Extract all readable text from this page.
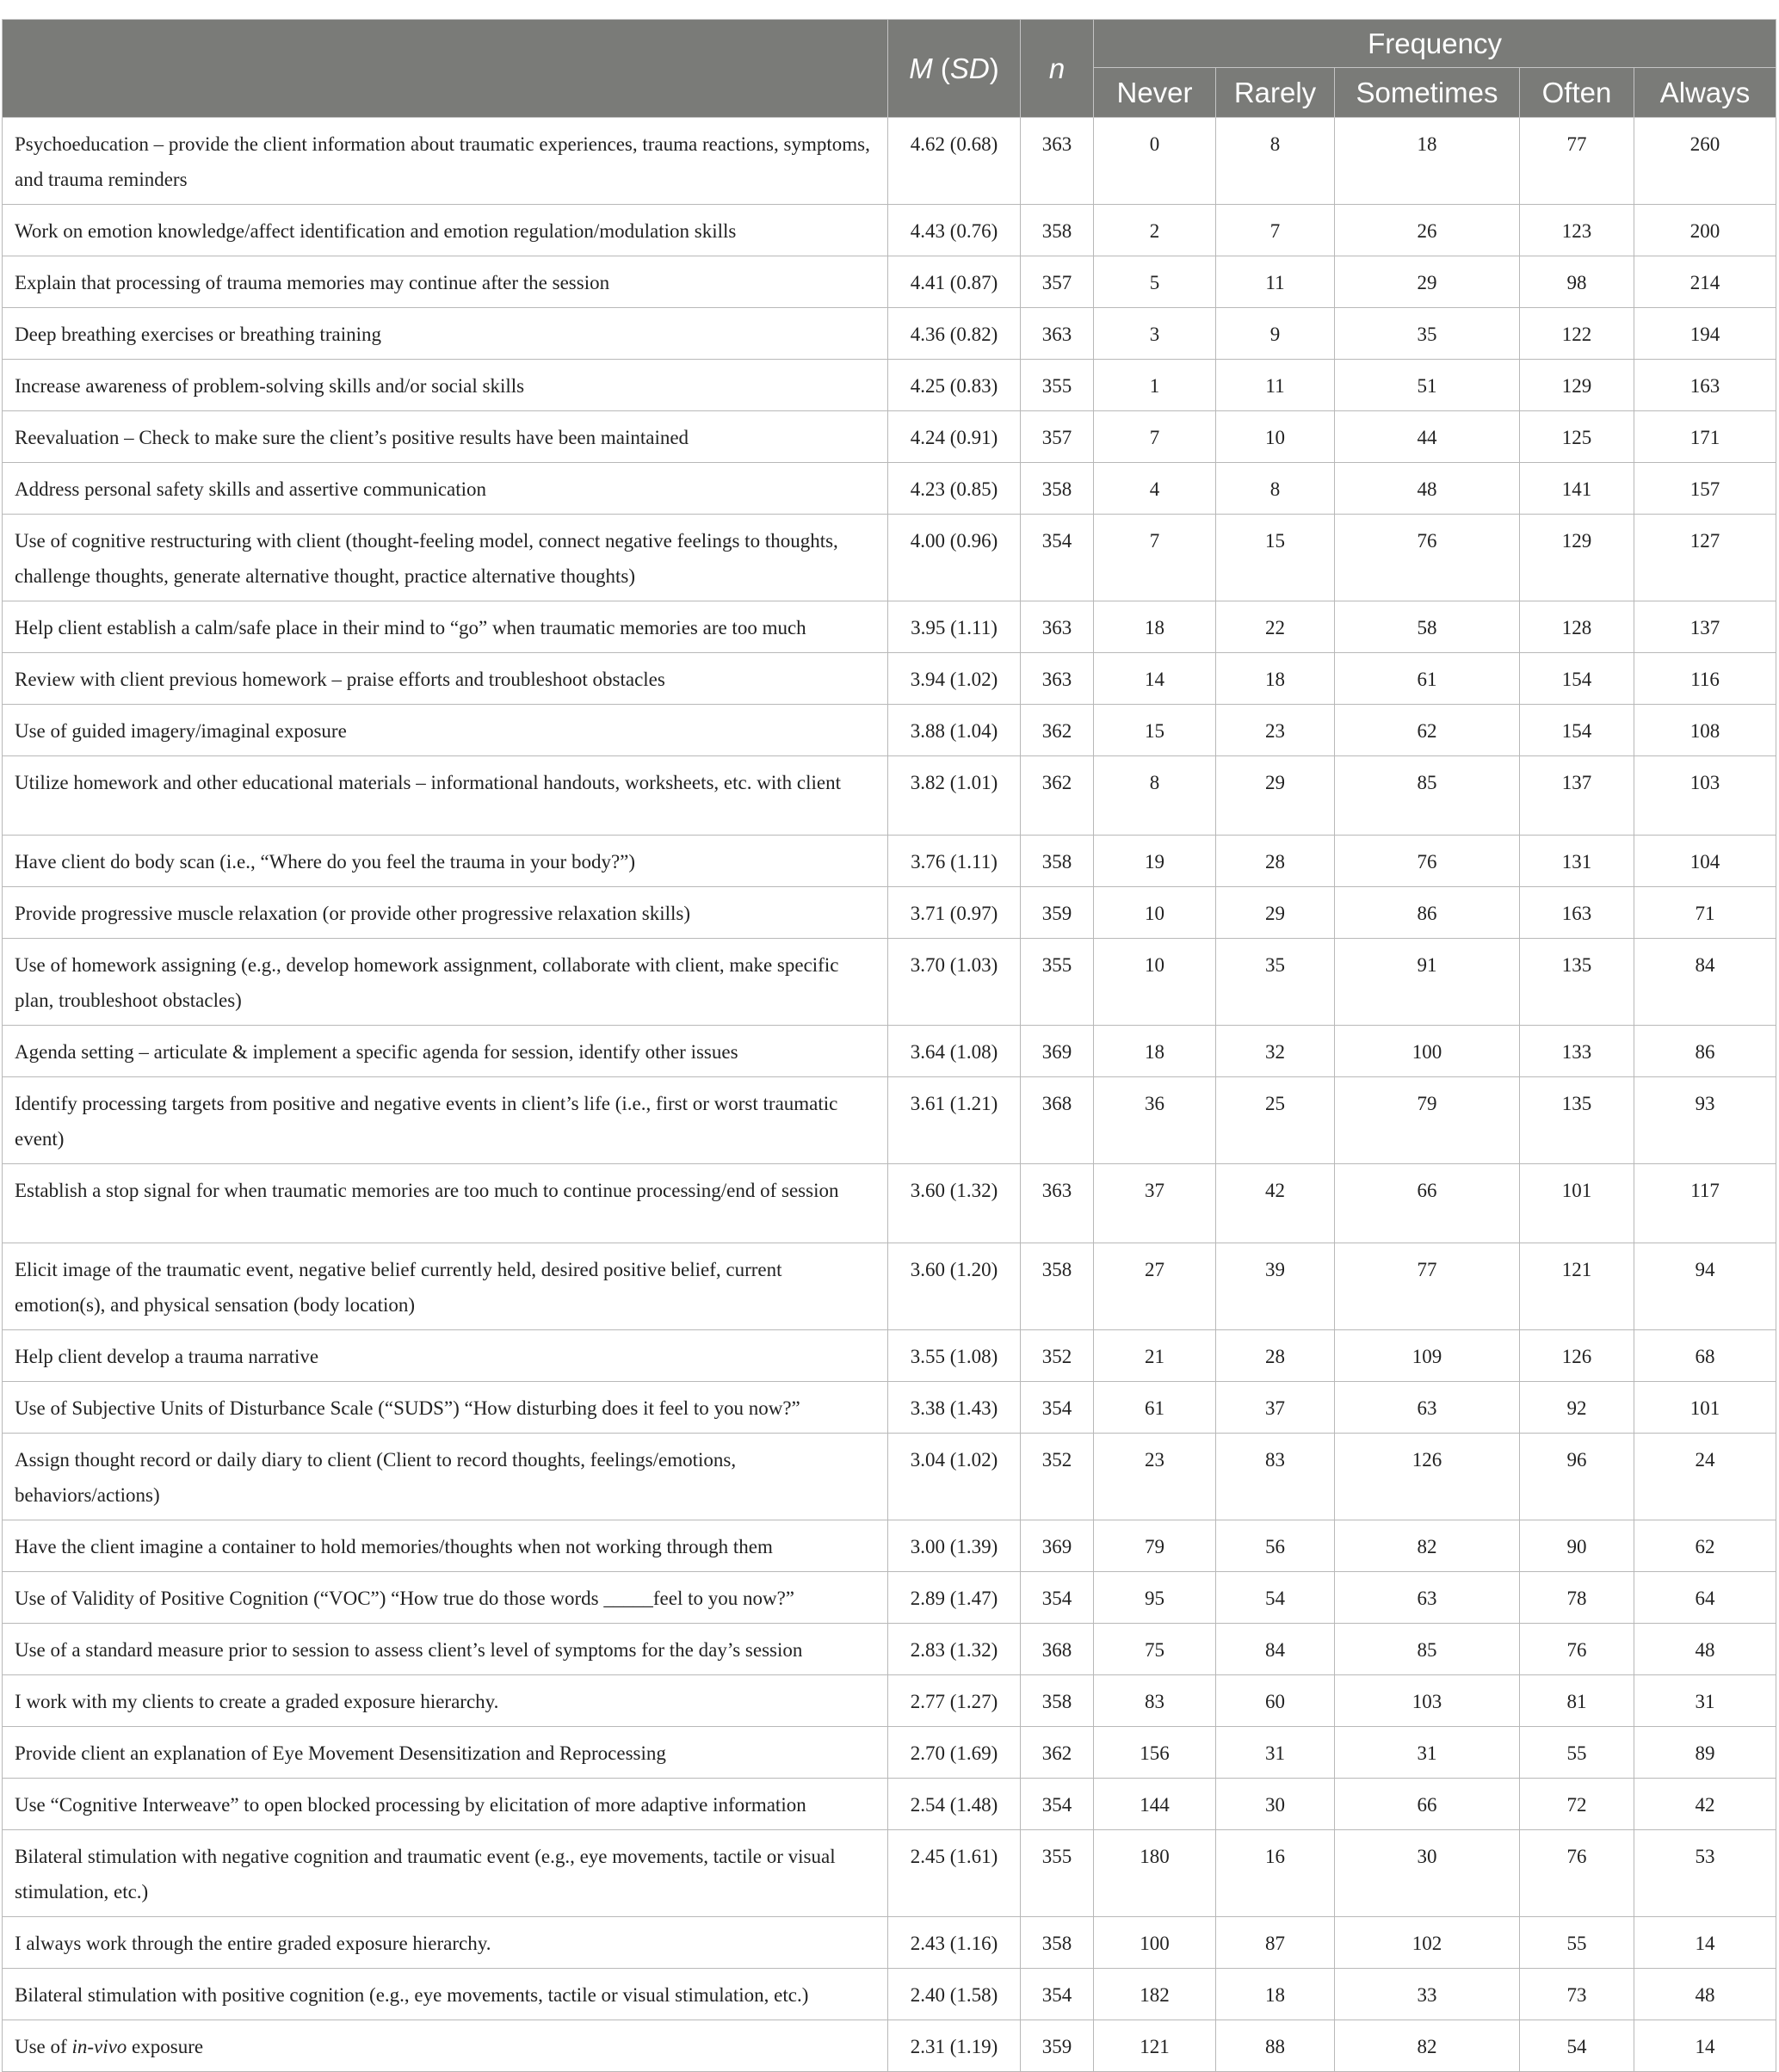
	M (SD)	n	Frequency				
			Never	Rarely	Sometimes	Often	Always
Psychoeducation – provide the client information about traumatic experiences, trauma reactions, symptoms, and trauma reminders	4.62 (0.68)	363	0	8	18	77	260
Work on emotion knowledge/affect identification and emotion regulation/modulation skills	4.43 (0.76)	358	2	7	26	123	200
Explain that processing of trauma memories may continue after the session	4.41 (0.87)	357	5	11	29	98	214
Deep breathing exercises or breathing training	4.36 (0.82)	363	3	9	35	122	194
Increase awareness of problem-solving skills and/or social skills	4.25 (0.83)	355	1	11	51	129	163
Reevaluation – Check to make sure the client’s positive results have been maintained	4.24 (0.91)	357	7	10	44	125	171
Address personal safety skills and assertive communication	4.23 (0.85)	358	4	8	48	141	157
Use of cognitive restructuring with client (thought-feeling model, connect negative feelings to thoughts, challenge thoughts, generate alternative thought, practice alternative thoughts)	4.00 (0.96)	354	7	15	76	129	127
Help client establish a calm/safe place in their mind to “go” when traumatic memories are too much	3.95 (1.11)	363	18	22	58	128	137
Review with client previous homework – praise efforts and troubleshoot obstacles	3.94 (1.02)	363	14	18	61	154	116
Use of guided imagery/imaginal exposure	3.88 (1.04)	362	15	23	62	154	108
Utilize homework and other educational materials – informational handouts, worksheets, etc. with client	3.82 (1.01)	362	8	29	85	137	103
Have client do body scan (i.e., “Where do you feel the trauma in your body?”)	3.76 (1.11)	358	19	28	76	131	104
Provide progressive muscle relaxation (or provide other progressive relaxation skills)	3.71 (0.97)	359	10	29	86	163	71
Use of homework assigning (e.g., develop homework assignment, collaborate with client, make specific plan, troubleshoot obstacles)	3.70 (1.03)	355	10	35	91	135	84
Agenda setting – articulate & implement a specific agenda for session, identify other issues	3.64 (1.08)	369	18	32	100	133	86
Identify processing targets from positive and negative events in client’s life (i.e., first or worst traumatic event)	3.61 (1.21)	368	36	25	79	135	93
Establish a stop signal for when traumatic memories are too much to continue processing/end of session	3.60 (1.32)	363	37	42	66	101	117
Elicit image of the traumatic event, negative belief currently held, desired positive belief, current emotion(s), and physical sensation (body location)	3.60 (1.20)	358	27	39	77	121	94
Help client develop a trauma narrative	3.55 (1.08)	352	21	28	109	126	68
Use of Subjective Units of Disturbance Scale (“SUDS”) “How disturbing does it feel to you now?”	3.38 (1.43)	354	61	37	63	92	101
Assign thought record or daily diary to client (Client to record thoughts, feelings/emotions, behaviors/actions)	3.04 (1.02)	352	23	83	126	96	24
Have the client imagine a container to hold memories/thoughts when not working through them	3.00 (1.39)	369	79	56	82	90	62
Use of Validity of Positive Cognition (“VOC”) “How true do those words _____feel to you now?”	2.89 (1.47)	354	95	54	63	78	64
Use of a standard measure prior to session to assess client’s level of symptoms for the day’s session	2.83 (1.32)	368	75	84	85	76	48
I work with my clients to create a graded exposure hierarchy.	2.77 (1.27)	358	83	60	103	81	31
Provide client an explanation of Eye Movement Desensitization and Reprocessing	2.70 (1.69)	362	156	31	31	55	89
Use “Cognitive Interweave” to open blocked processing by elicitation of more adaptive information	2.54 (1.48)	354	144	30	66	72	42
Bilateral stimulation with negative cognition and traumatic event (e.g., eye movements, tactile or visual stimulation, etc.)	2.45 (1.61)	355	180	16	30	76	53
I always work through the entire graded exposure hierarchy.	2.43 (1.16)	358	100	87	102	55	14
Bilateral stimulation with positive cognition (e.g., eye movements, tactile or visual stimulation, etc.)	2.40 (1.58)	354	182	18	33	73	48
Use of in-vivo exposure	2.31 (1.19)	359	121	88	82	54	14
